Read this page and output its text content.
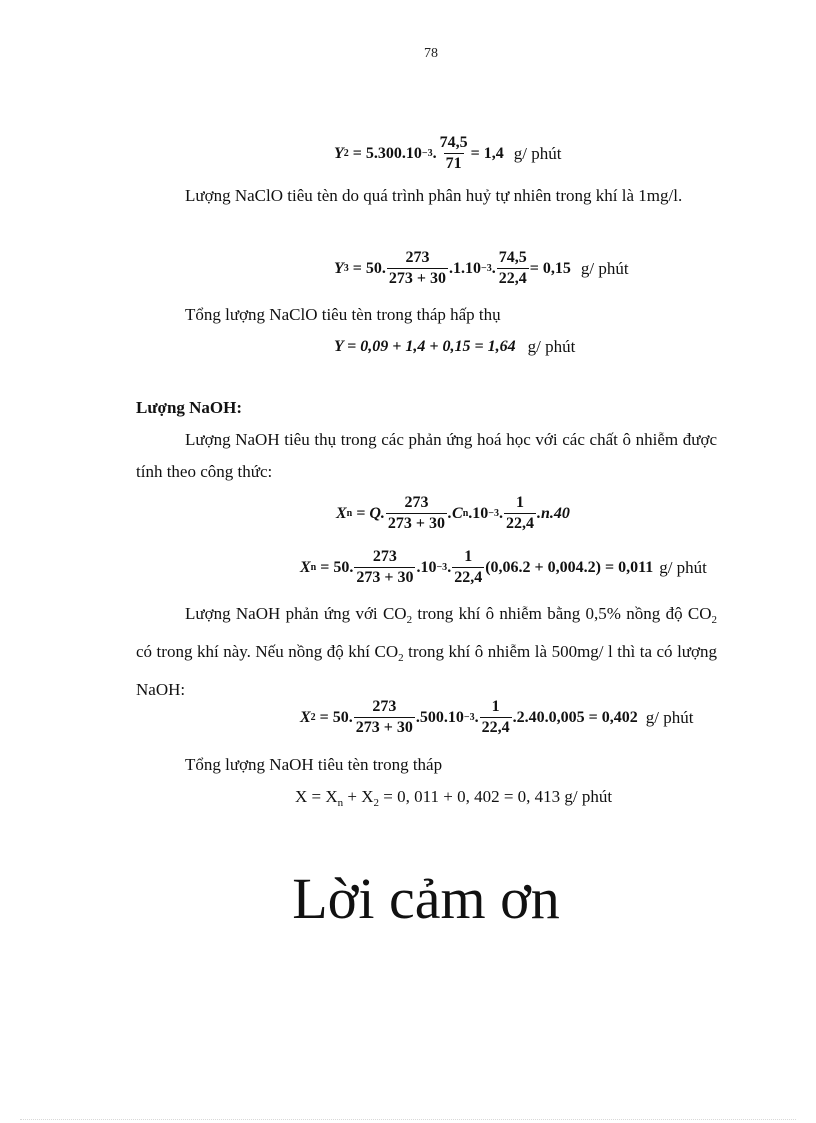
78
Y 2 = 5.300.10 −3 . $\frac{74,5}{71} = 1,4$ g/ phút
Lượng NaClO tiêu tèn do quá trình phân huỷ tự nhiên trong khí là 1mg/l.
Y 3 = 50. $\frac{273}{273 + 30} .1.10 -3$ . $\frac{74,5}{22,4} = 0,15$ g/ phút
Tổng lượng NaClO tiêu tèn trong tháp hấp thụ
Y = 0,09 + 1,4 + 0,15 = 1,64 g/ phút
Lượng NaOH:
Lượng NaOH tiêu thụ trong các phản ứng hoá học với các chất ô nhiễm được tính theo công thức:
X n = Q. $\frac{273}{273 + 30} .C$ n .10 −3 . $\frac{1}{22,4} .n.40$
X n = 50. $\frac{273}{273 + 30} .10 -3$ . $\frac{1}{22,4} (0,06.2 + 0,004.2) = 0,011$ g/ phút
Lượng NaOH phản ứng với $CO_2$ trong khí ô nhiễm bằng 0,5% nồng độ $CO_2$ có trong khí này. Nếu nồng độ khí $CO_2$ trong khí ô nhiễm là 500mg/ l thì ta có lượng NaOH:
X 2 = 50. $\frac{273}{273 + 30} .500.10 -3$ . $\frac{1}{22,4} .2.40.0,005 = 0,402$ g/ phút
Tổng lượng NaOH tiêu tèn trong tháp
$X = X_n + X_2 = 0$, 011 + 0, 402 = 0, 413 g/ phút
Lời cảm ơn
